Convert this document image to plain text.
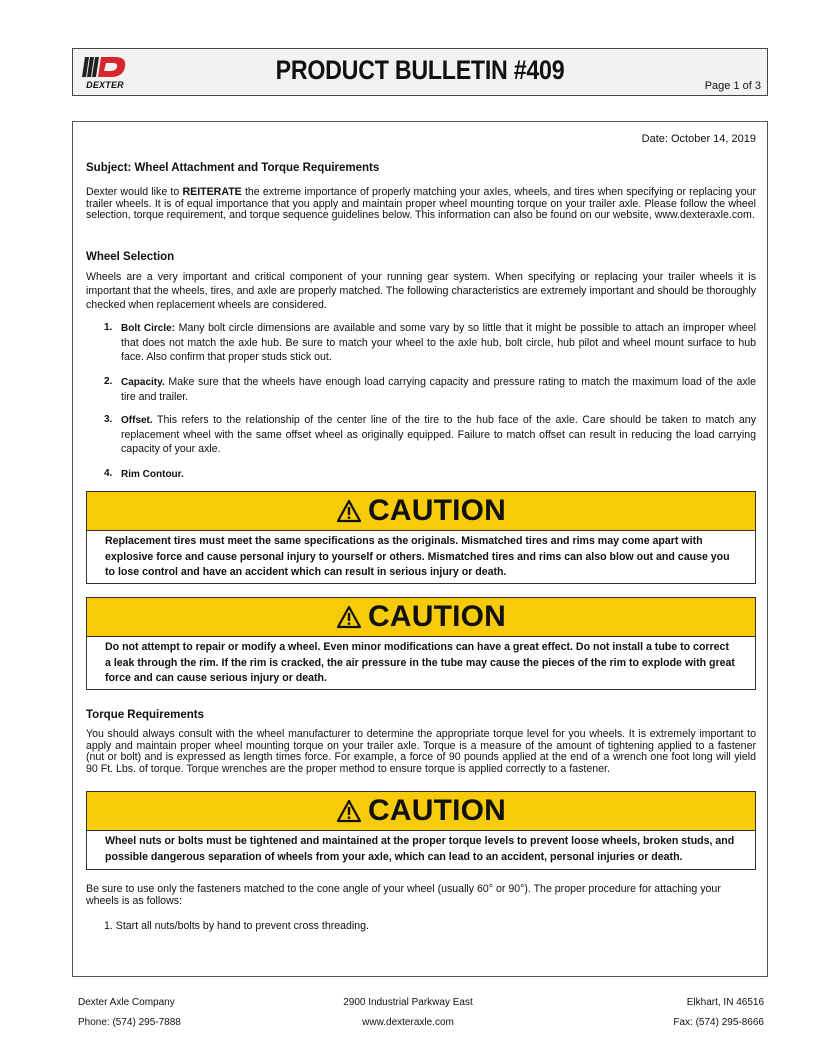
DEXTER	PRODUCT BULLETIN #409
Page 1 of 3
Date: October 14, 2019
Subject: Wheel Attachment and Torque Requirements
Dexter would like to REITERATE the extreme importance of properly matching your axles, wheels, and tires when specifying or replacing your trailer wheels. It is of equal importance that you apply and maintain proper wheel mounting torque on your trailer axle. Please follow the wheel selection, torque requirement, and torque sequence guidelines below. This information can also be found on our website, www.dexteraxle.com.
Wheel Selection
Wheels are a very important and critical component of your running gear system. When specifying or replacing your trailer wheels it is important that the wheels, tires, and axle are properly matched. The following characteristics are extremely important and should be thoroughly checked when replacement wheels are considered.
1. Bolt Circle: Many bolt circle dimensions are available and some vary by so little that it might be possible to attach an improper wheel that does not match the axle hub. Be sure to match your wheel to the axle hub, bolt circle, hub pilot and wheel mount surface to hub face. Also confirm that proper studs stick out.
2. Capacity. Make sure that the wheels have enough load carrying capacity and pressure rating to match the maximum load of the axle tire and trailer.
3. Offset. This refers to the relationship of the center line of the tire to the hub face of the axle. Care should be taken to match any replacement wheel with the same offset wheel as originally equipped. Failure to match offset can result in reducing the load carrying capacity of your axle.
4. Rim Contour.
CAUTION
Replacement tires must meet the same specifications as the originals. Mismatched tires and rims may come apart with explosive force and cause personal injury to yourself or others. Mismatched tires and rims can also blow out and cause you to lose control and have an accident which can result in serious injury or death.
CAUTION
Do not attempt to repair or modify a wheel. Even minor modifications can have a great effect. Do not install a tube to correct a leak through the rim. If the rim is cracked, the air pressure in the tube may cause the pieces of the rim to explode with great force and can cause serious injury or death.
Torque Requirements
You should always consult with the wheel manufacturer to determine the appropriate torque level for you wheels. It is extremely important to apply and maintain proper wheel mounting torque on your trailer axle. Torque is a measure of the amount of tightening applied to a fastener (nut or bolt) and is expressed as length times force. For example, a force of 90 pounds applied at the end of a wrench one foot long will yield 90 Ft. Lbs. of torque. Torque wrenches are the proper method to ensure torque is applied correctly to a fastener.
CAUTION
Wheel nuts or bolts must be tightened and maintained at the proper torque levels to prevent loose wheels, broken studs, and possible dangerous separation of wheels from your axle, which can lead to an accident, personal injuries or death.
Be sure to use only the fasteners matched to the cone angle of your wheel (usually 60° or 90°). The proper procedure for attaching your wheels is as follows:
1. Start all nuts/bolts by hand to prevent cross threading.
Dexter Axle Company
Phone: (574) 295-7888
2900 Industrial Parkway East
www.dexteraxle.com
Elkhart, IN 46516
Fax: (574) 295-8666
